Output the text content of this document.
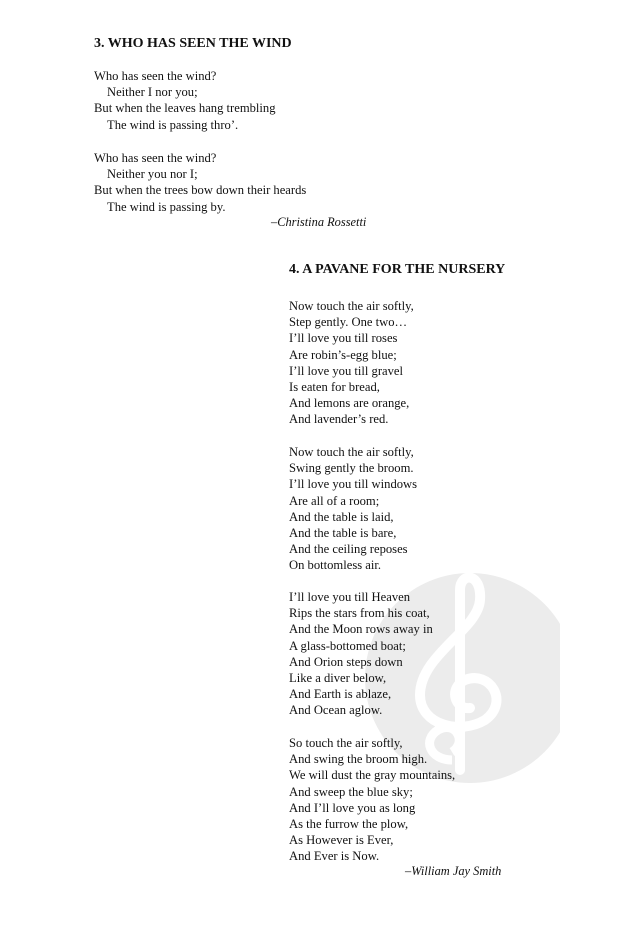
3. WHO HAS SEEN THE WIND
Who has seen the wind?
Neither I nor you;
But when the leaves hang trembling
The wind is passing thro’.
Who has seen the wind?
Neither you nor I;
But when the trees bow down their heards
The wind is passing by.

–Christina Rossetti

4. A PAVANE FOR THE NURSERY
Now touch the air softly,
Step gently. One two…
I’ll love you till roses
Are robin’s-egg blue;
I’ll love you till gravel
Is eaten for bread,
And lemons are orange,
And lavender’s red.
Now touch the air softly,
Swing gently the broom.
I’ll love you till windows
Are all of a room;
And the table is laid,
And the table is bare,
And the ceiling reposes
On bottomless air.
I’ll love you till Heaven
Rips the stars from his coat,
And the Moon rows away in
A glass-bottomed boat;
And Orion steps down
Like a diver below,
And Earth is ablaze,
And Ocean aglow.
So touch the air softly,
And swing the broom high.
We will dust the gray mountains,
And sweep the blue sky;
And I’ll love you as long
As the furrow the plow,
As However is Ever,
And Ever is Now.

–William Jay Smith
